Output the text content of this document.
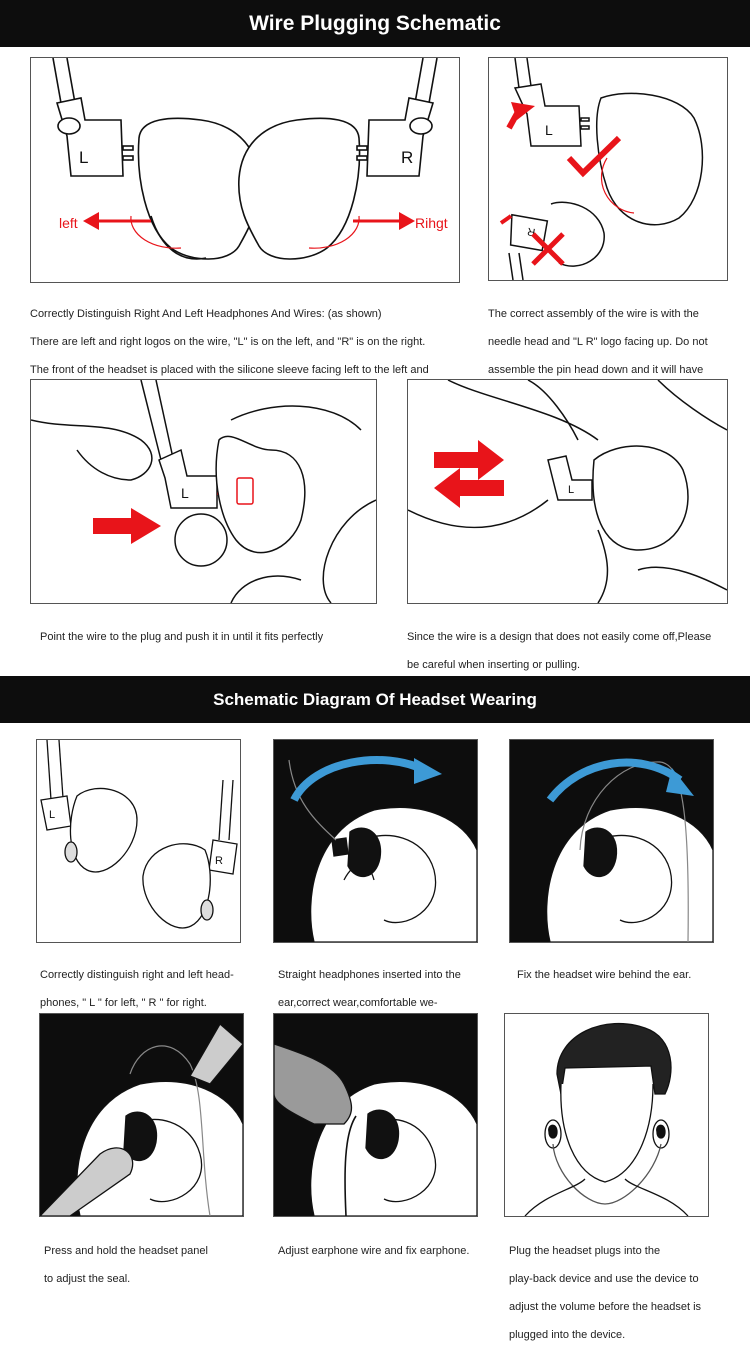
Wire Plugging Schematic
L	R
left	Rihgt

Correctly Distinguish Right And Left Headphones And Wires: (as shown)

There are left and right logos on the wire, "L" is on the left, and "R" is on the right.

The front of the headset is placed with the silicone sleeve facing left to the left and

L
R

The correct assembly of the wire is with the

needle head and "L R" logo facing up. Do not

assemble the pin head down and it will have

L

Point the wire to the plug and push it in until it fits perfectly

L

Since the wire is a design that does not easily come off,Please

be careful when inserting or pulling.

Schematic Diagram Of Headset Wearing
L
R

Correctly distinguish right and left head-

phones, " L " for left, " R " for right.

Straight headphones inserted into the

ear,correct wear,comfortable we-

Fix the headset wire behind the ear.

Press and hold the headset panel

to adjust the seal.

Adjust earphone wire and fix earphone.	Plug the headset plugs into the

play-back device and use the device to

adjust the volume before the headset is

plugged into the device.
